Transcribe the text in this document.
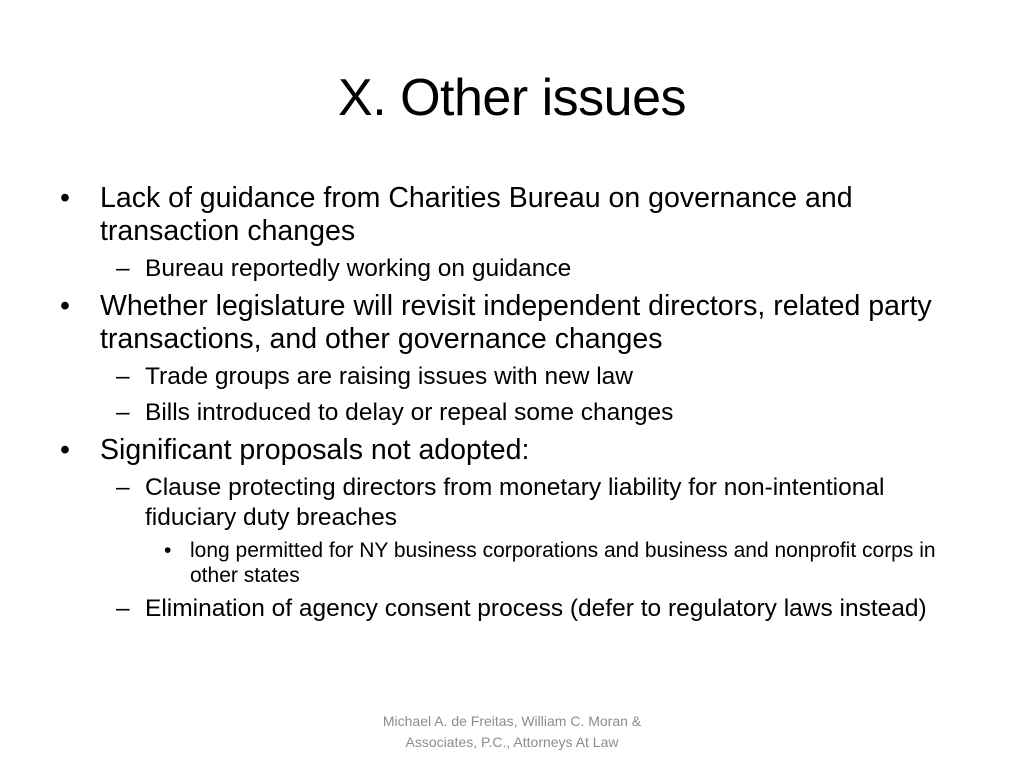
X. Other issues

• Lack of guidance from Charities Bureau on governance and transaction changes

– Bureau reportedly working on guidance

• Whether legislature will revisit independent directors, related party transactions, and other governance changes

– Trade groups are raising issues with new law

– Bills introduced to delay or repeal some changes

• Significant proposals not adopted:

– Clause protecting directors from monetary liability for non-intentional fiduciary duty breaches

• long permitted for NY business corporations and business and nonprofit corps in other states

– Elimination of agency consent process (defer to regulatory laws instead)

Michael A. de Freitas, William C. Moran &
Associates, P.C., Attorneys At Law
